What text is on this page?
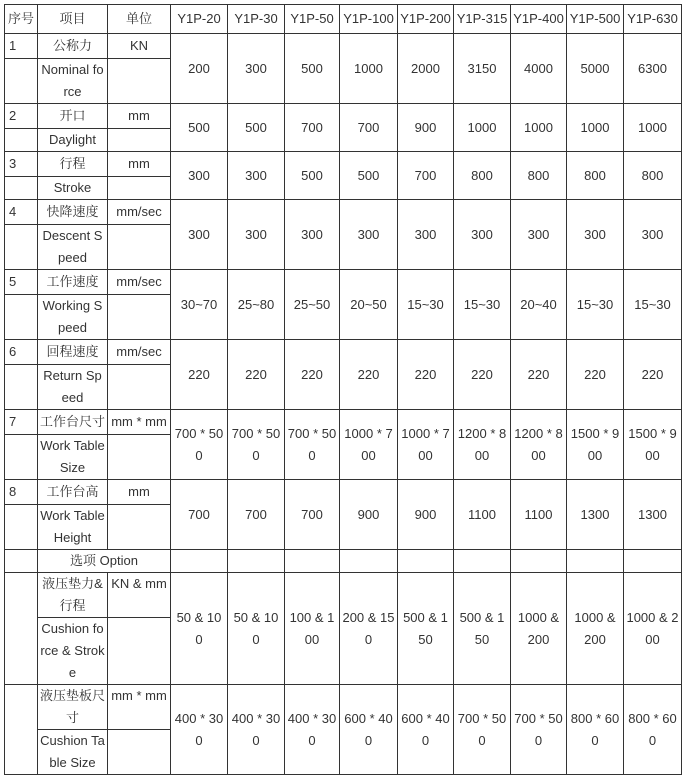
序号	项目	单位	Y1P-20	Y1P-30	Y1P-50	Y1P-100	Y1P-200	Y1P-315	Y1P-400	Y1P-500	Y1P-630
1	公称力	KN	200	300	500	1000	2000	3150	4000	5000	6300
	Nominal force										
2	开口	mm	500	500	700	700	900	1000	1000	1000	1000
	Daylight										
3	行程	mm	300	300	500	500	700	800	800	800	800
	Stroke										
4	快降速度	mm/sec	300	300	300	300	300	300	300	300	300
	Descent Speed										
5	工作速度	mm/sec	30~70	25~80	25~50	20~50	15~30	15~30	20~40	15~30	15~30
	Working Speed										
6	回程速度	mm/sec	220	220	220	220	220	220	220	220	220
	Return Speed										
7	工作台尺寸	mm * mm	700 * 500	700 * 500	700 * 500	1000 * 700	1000 * 700	1200 * 800	1200 * 800	1500 * 900	1500 * 900
	Work Table Size										
8	工作台高	mm	700	700	700	900	900	1100	1100	1300	1300
	Work Table Height										
	选项 Option										
	液压垫力&行程	KN & mm	50 & 100	50 & 100	100 & 100	200 & 150	500 & 150	500 & 150	1000 & 200	1000 & 200	1000 & 200
	Cushion force & Stroke										
	液压垫板尺寸	mm * mm	400 * 300	400 * 300	400 * 300	600 * 400	600 * 400	700 * 500	700 * 500	800 * 600	800 * 600
	Cushion Table Size										
